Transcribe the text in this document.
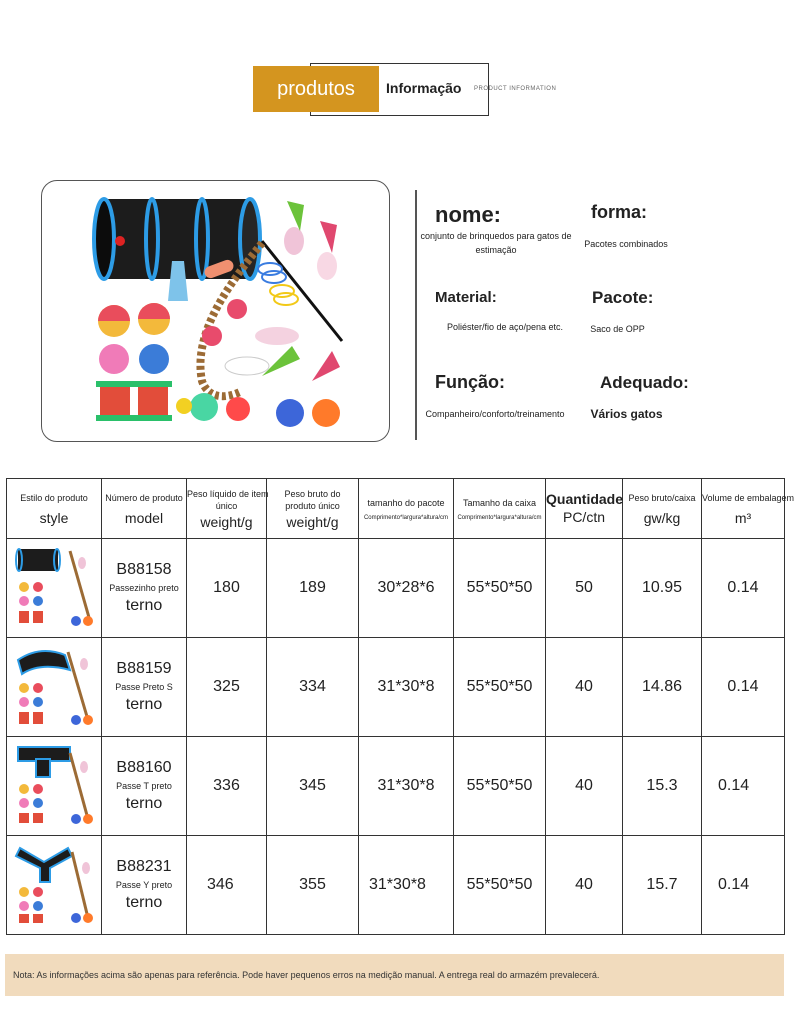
produtos	Informação PRODUCT INFORMATION
nome:
conjunto de brinquedos para gatos de estimação
forma:
Pacotes combinados
Material:
Poliéster/fio de aço/pena etc.
Pacote:
Saco de OPP
Função:
Companheiro/conforto/treinamento
Adequado:
Vários gatos
Estilo do produto
style	Número de produto
model	Peso líquido de item
único
weight/g	Peso bruto do
produto único
weight/g	tamanho do pacote
Comprimento*largura*altura/cm	Tamanho da caixa
Comprimento*largura*altura/cm	Quantidade
PC/ctn	Peso bruto/caixa
gw/kg	Volume de embalagem
m³

B88158
Passezinho preto
terno	180	189	30*28*6	55*50*50	50	10.95	0.14

B88159
Passe Preto S
terno	325	334	31*30*8	55*50*50	40	14.86	0.14

B88160
Passe T preto
terno	336	345	31*30*8	55*50*50	40	15.3	0.14

B88231
Passe Y preto
terno	346	355	31*30*8	55*50*50	40	15.7	0.14
Nota: As informações acima são apenas para referência. Pode haver pequenos erros na medição manual. A entrega real do armazém prevalecerá.
